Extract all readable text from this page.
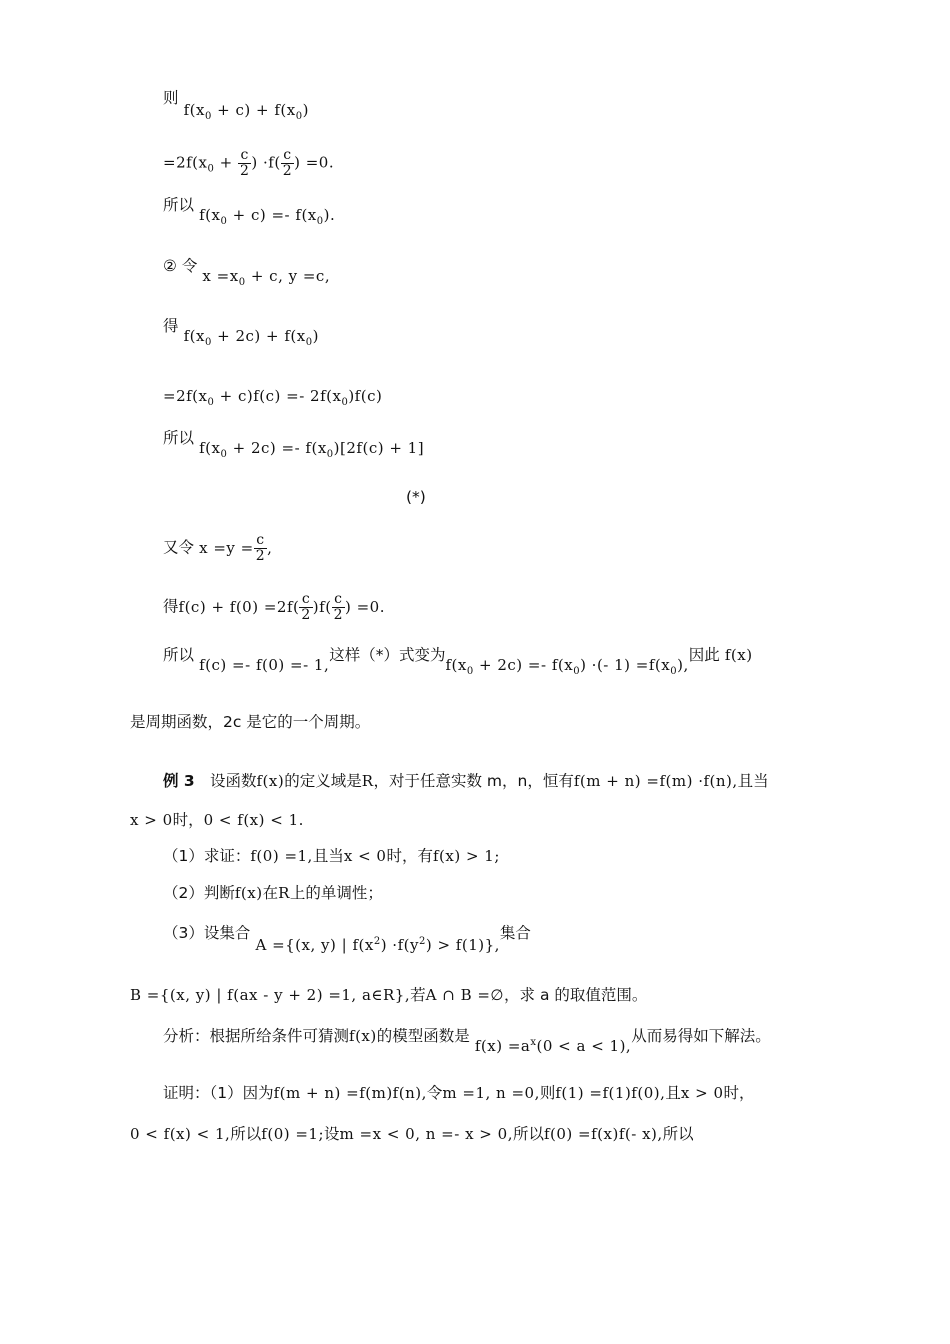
则 $f(x_0 + c) + f(x_0)$
$=2f(x_0 + \frac{c}{2}$ ) $\cdot f( \frac{c}{2}$ ) =0.
所以 $f(x_0 + c) =- f(x_0)$.
② 令 $x =x_0 + c$, y =c,
得 $f(x_0 + 2c) + f(x_0)$
$=2f(x_0 + c)f(c) =- 2f(x_0)f(c)$
所以 $f(x_0 + 2c) =- f(x_0)[2f(c) + 1]$
(*)
又令 $x =y = \frac{c}{2}$ ,
得$f(c) + f(0) =2f( \frac{c}{2} )f( \frac{c}{2}$ ) =0.
所以 f(c) =- f(0) =- 1,这样（*）式变为$f(x_0 + 2c) =- f(x_0)$ ·(- $1) =f(x_0)$,因此 f(x)
是周期函数，2c 是它的一个周期。
例 3 设函数f(x)的定义域是R，对于任意实数 m，n，恒有f(m + n) =f(m) ·f(n),且当
x > 0时，0 < f(x) < 1.
（1）求证：f(0) =1,且当x < 0时，有f(x) > 1;
（2）判断f(x)在R上的单调性；
（3）设集合 A ={(x, y) | $f(x^2) \cdot f(y^2) > f(1)$},集合
B ={(x, y) | f(ax - y + 2) =1, a∈R},若A ∩ B =∅，求 a 的取值范围。
分析：根据所给条件可猜测f(x)的模型函数是 $f(x) =a^x(0 < a < 1)$,从而易得如下解法。
证明：（1）因为f(m + n) =f(m)f(n),令m =1, n =0,则f(1) =f(1)f(0),且x > 0时，
0 < f(x) < 1,所以f(0) =1;设m =x < 0, n =- x > 0,所以f(0) =f(x)f(- x),所以
